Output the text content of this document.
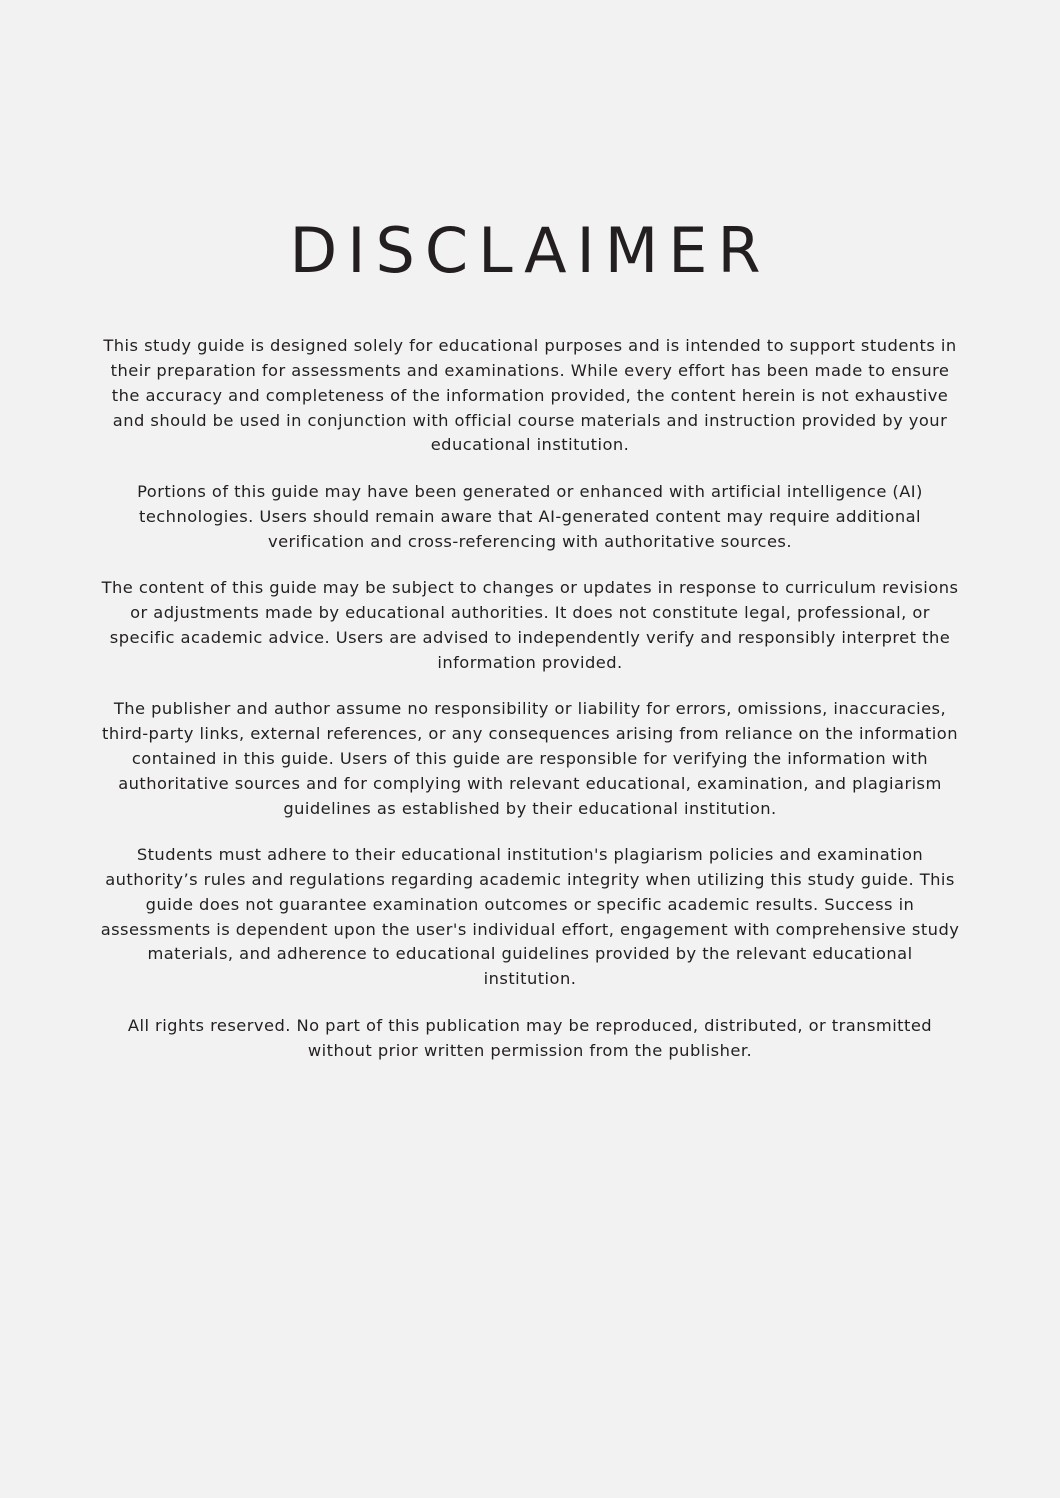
DISCLAIMER

This study guide is designed solely for educational purposes and is intended to support students in their preparation for assessments and examinations. While every effort has been made to ensure the accuracy and completeness of the information provided, the content herein is not exhaustive and should be used in conjunction with official course materials and instruction provided by your educational institution.

Portions of this guide may have been generated or enhanced with artificial intelligence (AI) technologies. Users should remain aware that AI-generated content may require additional verification and cross-referencing with authoritative sources.

The content of this guide may be subject to changes or updates in response to curriculum revisions or adjustments made by educational authorities. It does not constitute legal, professional, or specific academic advice. Users are advised to independently verify and responsibly interpret the information provided.

The publisher and author assume no responsibility or liability for errors, omissions, inaccuracies, third-party links, external references, or any consequences arising from reliance on the information contained in this guide. Users of this guide are responsible for verifying the information with authoritative sources and for complying with relevant educational, examination, and plagiarism guidelines as established by their educational institution.

Students must adhere to their educational institution's plagiarism policies and examination authority’s rules and regulations regarding academic integrity when utilizing this study guide. This guide does not guarantee examination outcomes or specific academic results. Success in assessments is dependent upon the user's individual effort, engagement with comprehensive study materials, and adherence to educational guidelines provided by the relevant educational institution.

All rights reserved. No part of this publication may be reproduced, distributed, or transmitted without prior written permission from the publisher.
